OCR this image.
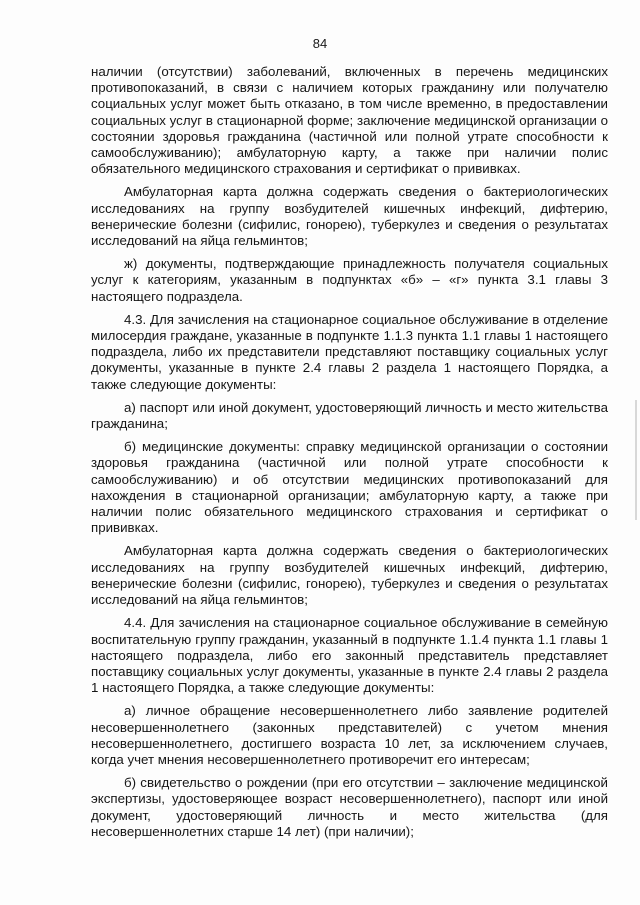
84

наличии (отсутствии) заболеваний, включенных в перечень медицинских противопоказаний, в связи с наличием которых гражданину или получателю социальных услуг может быть отказано, в том числе временно, в предоставлении социальных услуг в стационарной форме; заключение медицинской организации о состоянии здоровья гражданина (частичной или полной утрате способности к самообслуживанию); амбулаторную карту, а также при наличии полис обязательного медицинского страхования и сертификат о прививках.

Амбулаторная карта должна содержать сведения о бактериологических исследованиях на группу возбудителей кишечных инфекций, дифтерию, венерические болезни (сифилис, гонорею), туберкулез и сведения о результатах исследований на яйца гельминтов;

ж) документы, подтверждающие принадлежность получателя социальных услуг к категориям, указанным в подпунктах «б» – «г» пункта 3.1 главы 3 настоящего подраздела.

4.3. Для зачисления на стационарное социальное обслуживание в отделение милосердия граждане, указанные в подпункте 1.1.3 пункта 1.1 главы 1 настоящего подраздела, либо их представители представляют поставщику социальных услуг документы, указанные в пункте 2.4 главы 2 раздела 1 настоящего Порядка, а также следующие документы:

а) паспорт или иной документ, удостоверяющий личность и место жительства гражданина;

б) медицинские документы: справку медицинской организации о состоянии здоровья гражданина (частичной или полной утрате способности к самообслуживанию) и об отсутствии медицинских противопоказаний для нахождения в стационарной организации; амбулаторную карту, а также при наличии полис обязательного медицинского страхования и сертификат о прививках.

Амбулаторная карта должна содержать сведения о бактериологических исследованиях на группу возбудителей кишечных инфекций, дифтерию, венерические болезни (сифилис, гонорею), туберкулез и сведения о результатах исследований на яйца гельминтов;

4.4. Для зачисления на стационарное социальное обслуживание в семейную воспитательную группу гражданин, указанный в подпункте 1.1.4 пункта 1.1 главы 1 настоящего подраздела, либо его законный представитель представляет поставщику социальных услуг документы, указанные в пункте 2.4 главы 2 раздела 1 настоящего Порядка, а также следующие документы:

а) личное обращение несовершеннолетнего либо заявление родителей несовершеннолетнего (законных представителей) с учетом мнения несовершеннолетнего, достигшего возраста 10 лет, за исключением случаев, когда учет мнения несовершеннолетнего противоречит его интересам;

б) свидетельство о рождении (при его отсутствии – заключение медицинской экспертизы, удостоверяющее возраст несовершеннолетнего), паспорт или иной документ, удостоверяющий личность и место жительства (для несовершеннолетних старше 14 лет) (при наличии);
